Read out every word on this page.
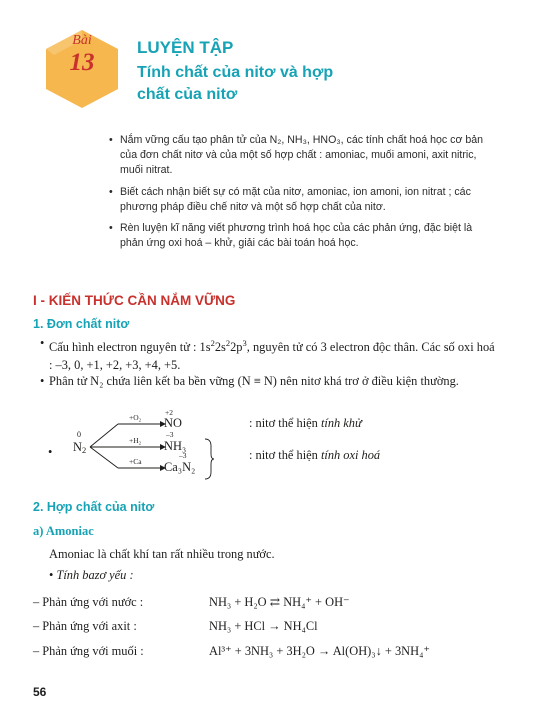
Bài
13
LUYỆN TẬP
Tính chất của nitơ và hợp chất của nitơ
• Nắm vững cấu tạo phân tử của N₂, NH₃, HNO₃, các tính chất hoá học cơ bản của đơn chất nitơ và của một số hợp chất : amoniac, muối amoni, axit nitric, muối nitrat.
• Biết cách nhận biết sự có mặt của nitơ, amoniac, ion amoni, ion nitrat ; các phương pháp điều chế nitơ và một số hợp chất của nitơ.
• Rèn luyện kĩ năng viết phương trình hoá học của các phản ứng, đặc biệt là phản ứng oxi hoá – khử, giải các bài toán hoá học.
I - KIẾN THỨC CẦN NẮM VỮNG
1. Đơn chất nitơ
• Cấu hình electron nguyên tử : $1s^22s^22p^3$, nguyên tử có 3 electron độc thân. Các số oxi hoá : –3, 0, +1, +2, +3, +4, +5.
• Phân tử N₂ chứa liên kết ba bền vững (N ≡ N) nên nitơ khá trơ ở điều kiện thường.
•
0
$N_2$
+O₂
+H₂
+Ca
+2
NO
–3
NH₃
–3
Ca₃N₂
: nitơ thể hiện tính khử
: nitơ thể hiện tính oxi hoá
2. Hợp chất của nitơ
a) Amoniac
Amoniac là chất khí tan rất nhiều trong nước.
• Tính bazơ yếu :
– Phản ứng với nước :	NH₃ + H₂O ⇄ NH₄⁺ + OH⁻
– Phản ứng với axit :	NH₃ + HCl → NH₄Cl
– Phản ứng với muối :	Al³⁺ + 3NH₃ + 3H₂O → Al(OH)₃↓ + 3NH₄⁺
56
